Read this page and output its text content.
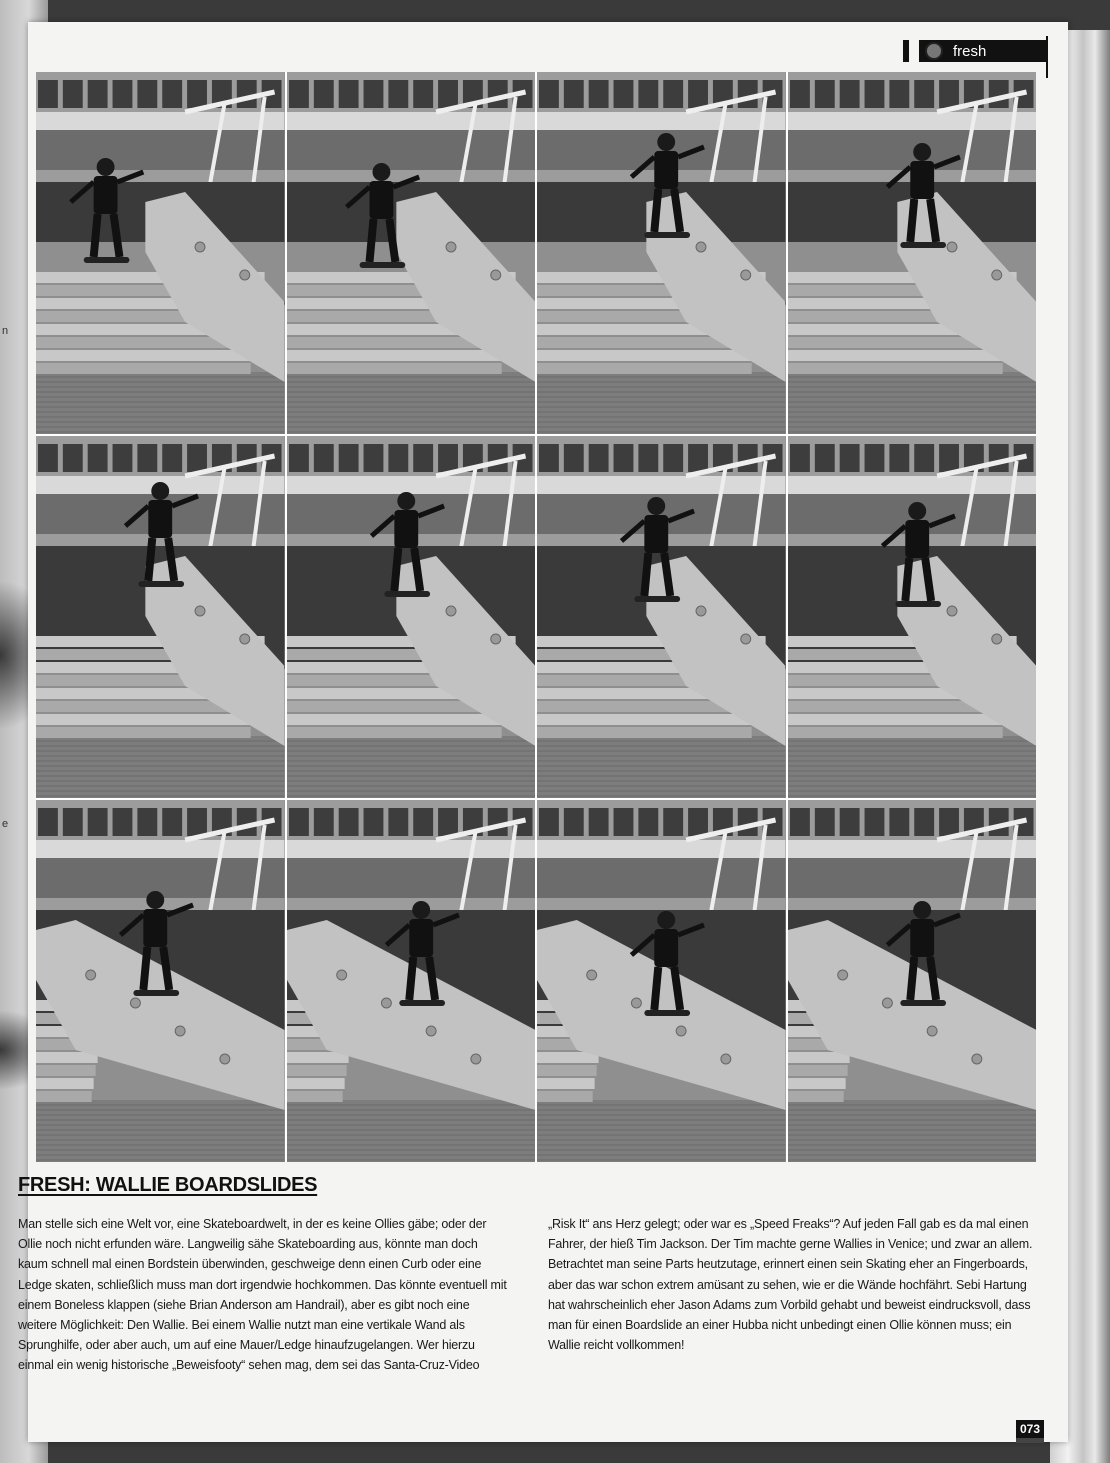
n
e
fresh
FRESH: WALLIE BOARDSLIDES
Man stelle sich eine Welt vor, eine Skateboardwelt, in der es keine Ollies gäbe; oder der Ollie noch nicht erfunden wäre. Langweilig sähe Skateboarding aus, könnte man doch kaum schnell mal einen Bordstein überwinden, geschweige denn einen Curb oder eine Ledge skaten, schließlich muss man dort irgendwie hochkommen. Das könnte eventuell mit einem Boneless klappen (siehe Brian Anderson am Handrail), aber es gibt noch eine weitere Möglichkeit: Den Wallie. Bei einem Wallie nutzt man eine vertikale Wand als Sprunghilfe, oder aber auch, um auf eine Mauer/Ledge hinaufzugelangen. Wer hierzu einmal ein wenig historische „Beweisfooty“ sehen mag, dem sei das Santa-Cruz-Video
„Risk It“ ans Herz gelegt; oder war es „Speed Freaks“? Auf jeden Fall gab es da mal einen Fahrer, der hieß Tim Jackson. Der Tim machte gerne Wallies in Venice; und zwar an allem. Betrachtet man seine Parts heutzutage, erinnert einen sein Skating eher an Fingerboards, aber das war schon extrem amüsant zu sehen, wie er die Wände hochfährt. Sebi Hartung hat wahrscheinlich eher Jason Adams zum Vorbild gehabt und beweist eindrucksvoll, dass man für einen Boardslide an einer Hubba nicht unbedingt einen Ollie können muss; ein Wallie reicht vollkommen!
073
